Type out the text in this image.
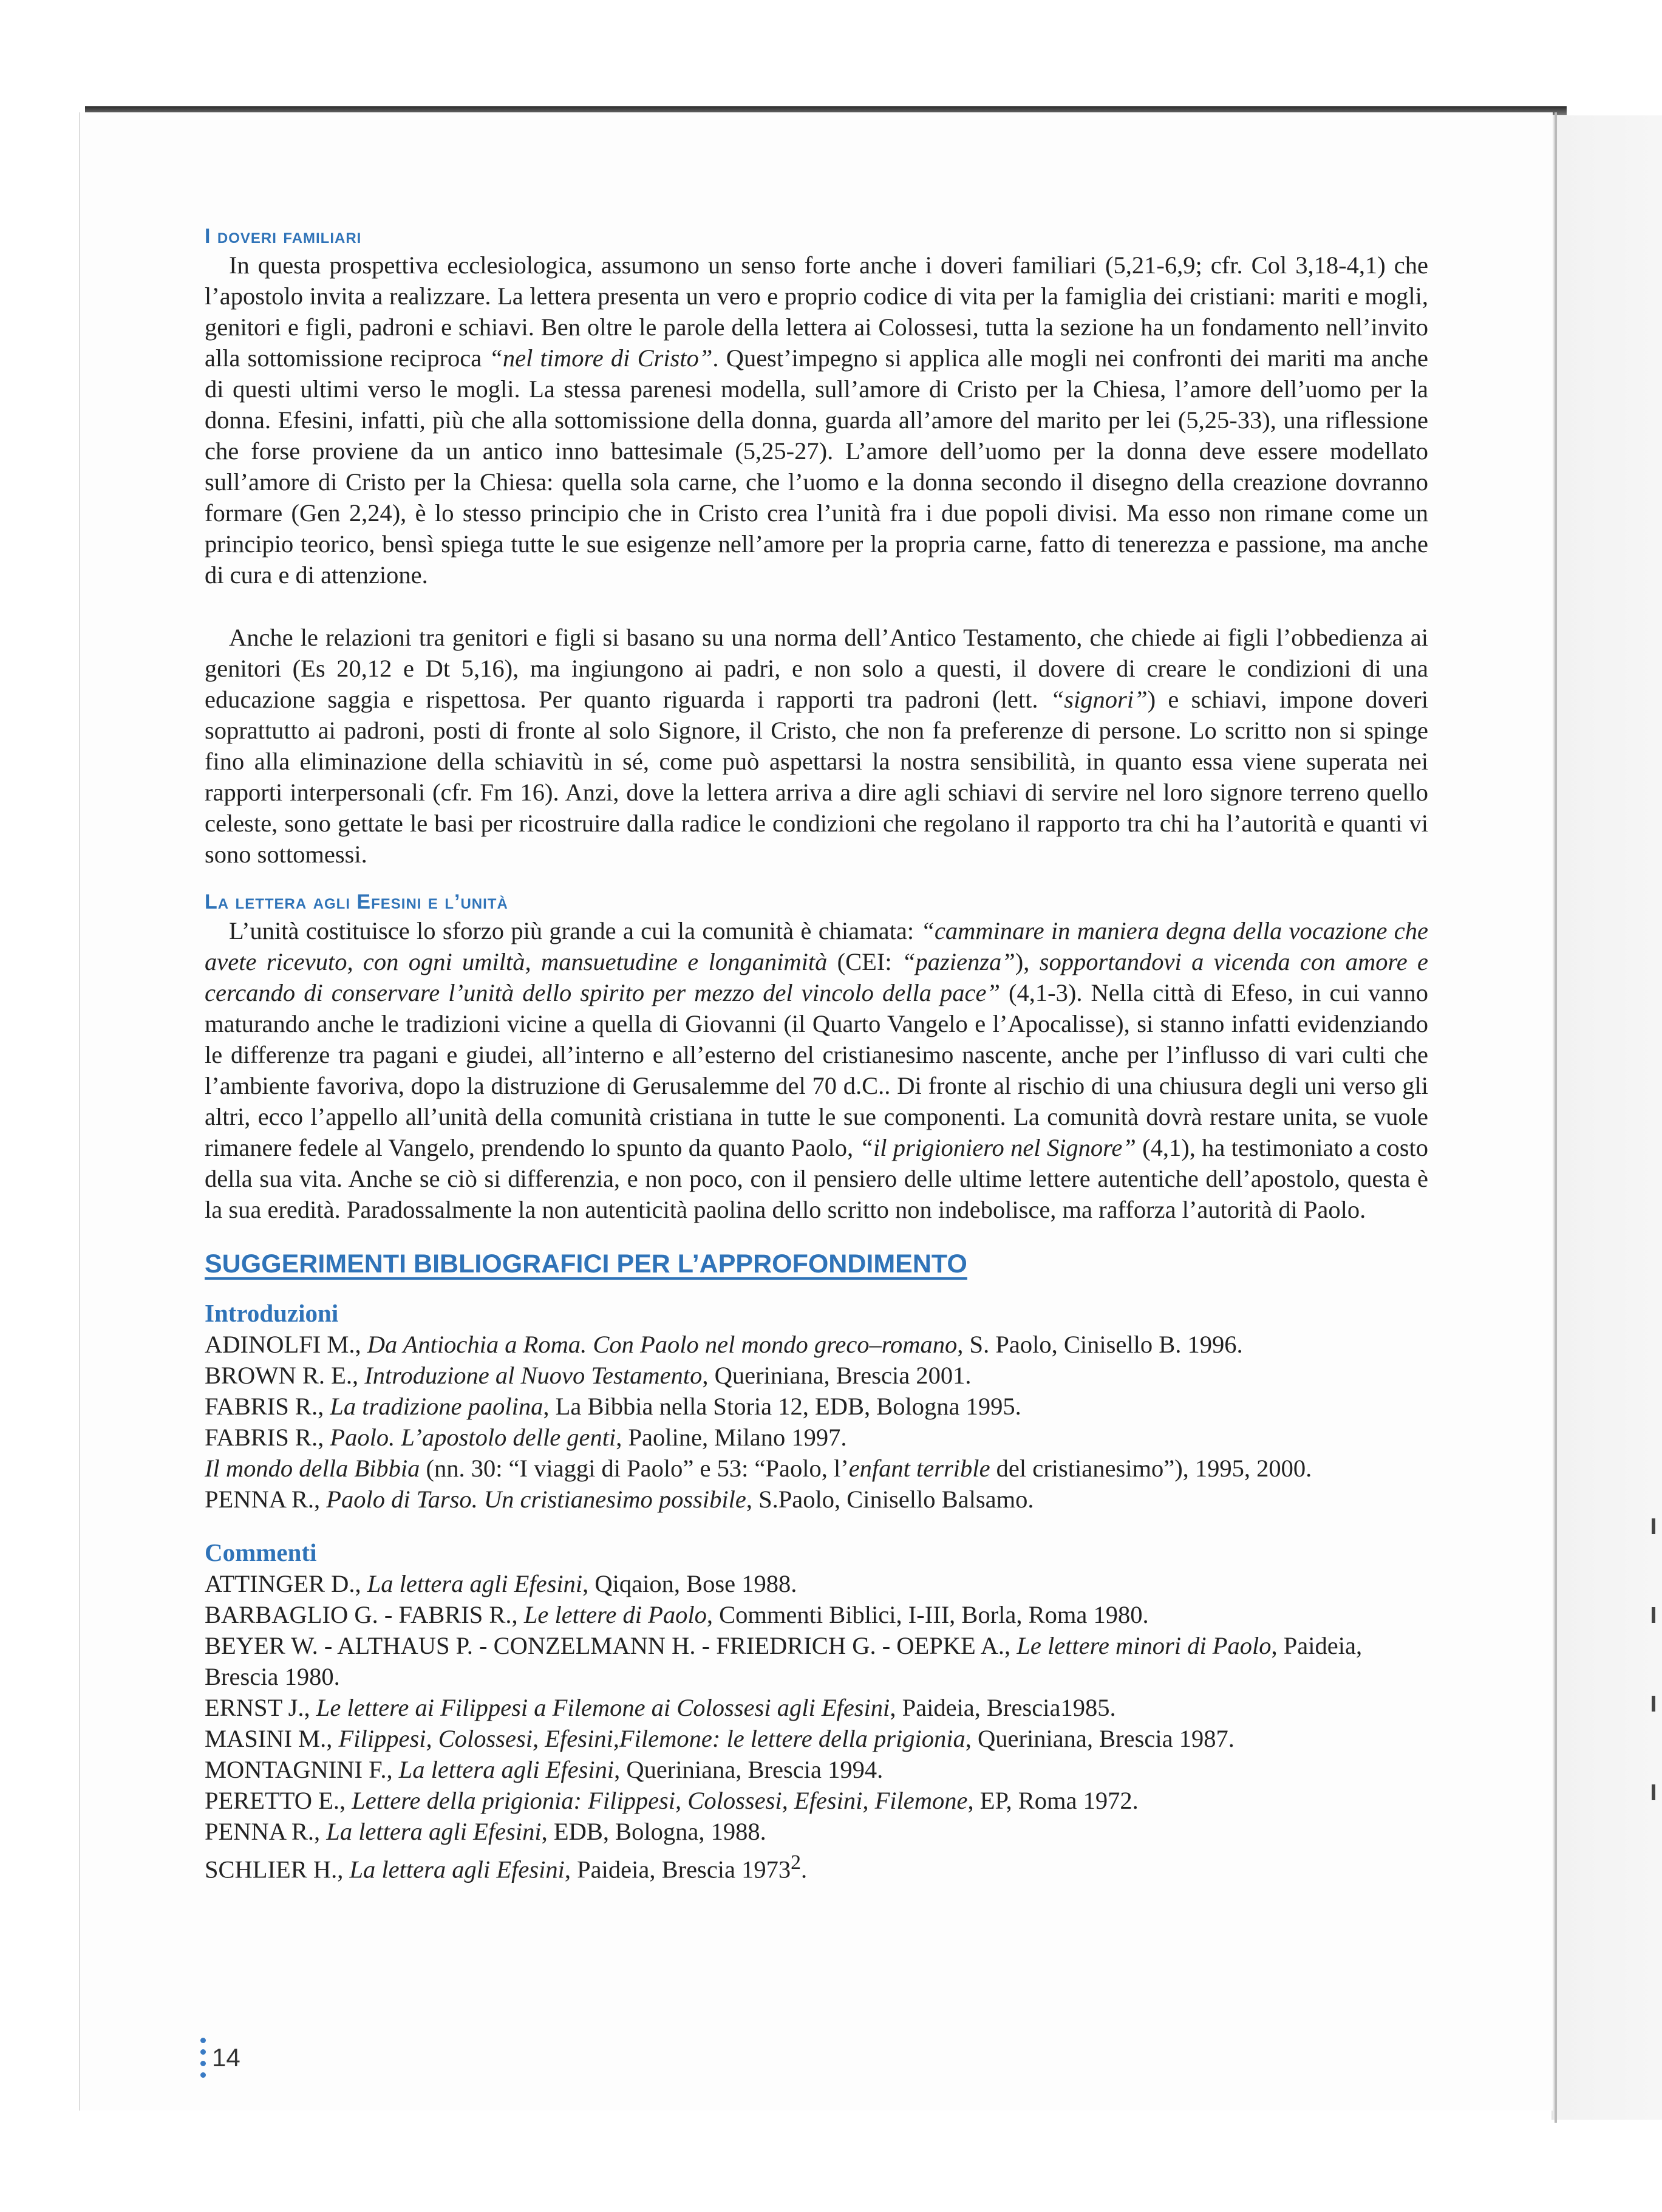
I doveri familiari

In questa prospettiva ecclesiologica, assumono un senso forte anche i doveri familiari (5,21-6,9; cfr. Col 3,18-4,1) che l’apostolo invita a realizzare. La lettera presenta un vero e proprio codice di vita per la famiglia dei cristiani: mariti e mogli, genitori e figli, padroni e schiavi. Ben oltre le parole della lettera ai Colossesi, tutta la sezione ha un fondamento nell’invito alla sottomissione reciproca “nel timore di Cristo”. Quest’impegno si applica alle mogli nei confronti dei mariti ma anche di questi ultimi verso le mogli. La stessa parenesi modella, sull’amore di Cristo per la Chiesa, l’amore dell’uomo per la donna. Efesini, infatti, più che alla sottomissione della donna, guarda all’amore del marito per lei (5,25-33), una riflessione che forse proviene da un antico inno battesimale (5,25-27). L’amore dell’uomo per la donna deve essere modellato sull’amore di Cristo per la Chiesa: quella sola carne, che l’uomo e la donna secondo il disegno della creazione dovranno formare (Gen 2,24), è lo stesso principio che in Cristo crea l’unità fra i due popoli divisi. Ma esso non rimane come un principio teorico, bensì spiega tutte le sue esigenze nell’amore per la propria carne, fatto di tenerezza e passione, ma anche di cura e di attenzione.

Anche le relazioni tra genitori e figli si basano su una norma dell’Antico Testamento, che chiede ai figli l’obbedienza ai genitori (Es 20,12 e Dt 5,16), ma ingiungono ai padri, e non solo a questi, il dovere di creare le condizioni di una educazione saggia e rispettosa. Per quanto riguarda i rapporti tra padroni (lett. “signori”) e schiavi, impone doveri soprattutto ai padroni, posti di fronte al solo Signore, il Cristo, che non fa preferenze di persone. Lo scritto non si spinge fino alla eliminazione della schiavitù in sé, come può aspettarsi la nostra sensibilità, in quanto essa viene superata nei rapporti interpersonali (cfr. Fm 16). Anzi, dove la lettera arriva a dire agli schiavi di servire nel loro signore terreno quello celeste, sono gettate le basi per ricostruire dalla radice le condizioni che regolano il rapporto tra chi ha l’autorità e quanti vi sono sottomessi.

La lettera agli Efesini e l’unità

L’unità costituisce lo sforzo più grande a cui la comunità è chiamata: “camminare in maniera degna della vocazione che avete ricevuto, con ogni umiltà, mansuetudine e longanimità (CEI: “pazienza”), sopportandovi a vicenda con amore e cercando di conservare l’unità dello spirito per mezzo del vincolo della pace” (4,1-3). Nella città di Efeso, in cui vanno maturando anche le tradizioni vicine a quella di Giovanni (il Quarto Vangelo e l’Apocalisse), si stanno infatti evidenziando le differenze tra pagani e giudei, all’interno e all’esterno del cristianesimo nascente, anche per l’influsso di vari culti che l’ambiente favoriva, dopo la distruzione di Gerusalemme del 70 d.C.. Di fronte al rischio di una chiusura degli uni verso gli altri, ecco l’appello all’unità della comunità cristiana in tutte le sue componenti. La comunità dovrà restare unita, se vuole rimanere fedele al Vangelo, prendendo lo spunto da quanto Paolo, “il prigioniero nel Signore” (4,1), ha testimoniato a costo della sua vita. Anche se ciò si differenzia, e non poco, con il pensiero delle ultime lettere autentiche dell’apostolo, questa è la sua eredità. Paradossalmente la non autenticità paolina dello scritto non indebolisce, ma rafforza l’autorità di Paolo.

SUGGERIMENTI BIBLIOGRAFICI PER L’APPROFONDIMENTO

Introduzioni

ADINOLFI M., Da Antiochia a Roma. Con Paolo nel mondo greco–romano, S. Paolo, Cinisello B. 1996.

BROWN R. E., Introduzione al Nuovo Testamento, Queriniana, Brescia 2001.

FABRIS R., La tradizione paolina, La Bibbia nella Storia 12, EDB, Bologna 1995.

FABRIS R., Paolo. L’apostolo delle genti, Paoline, Milano 1997.

Il mondo della Bibbia (nn. 30: “I viaggi di Paolo” e 53: “Paolo, l’enfant terrible del cristianesimo”), 1995, 2000.

PENNA R., Paolo di Tarso. Un cristianesimo possibile, S.Paolo, Cinisello Balsamo.

Commenti

ATTINGER D., La lettera agli Efesini, Qiqaion, Bose 1988.

BARBAGLIO G. - FABRIS R., Le lettere di Paolo, Commenti Biblici, I-III, Borla, Roma 1980.

BEYER W. - ALTHAUS P. - CONZELMANN H. - FRIEDRICH G. - OEPKE A., Le lettere minori di Paolo, Paideia, Brescia 1980.

ERNST J., Le lettere ai Filippesi a Filemone ai Colossesi agli Efesini, Paideia, Brescia1985.

MASINI M., Filippesi, Colossesi, Efesini,Filemone: le lettere della prigionia, Queriniana, Brescia 1987.

MONTAGNINI F., La lettera agli Efesini, Queriniana, Brescia 1994.

PERETTO E., Lettere della prigionia: Filippesi, Colossesi, Efesini, Filemone, EP, Roma 1972.

PENNA R., La lettera agli Efesini, EDB, Bologna, 1988.

SCHLIER H., La lettera agli Efesini, Paideia, Brescia 1973$^2$.

14
